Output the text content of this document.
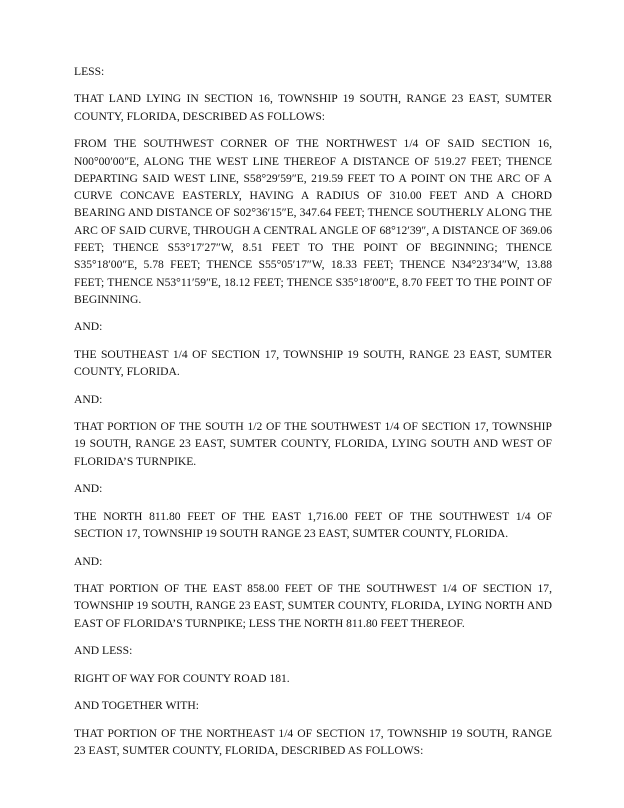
LESS:

THAT LAND LYING IN SECTION 16, TOWNSHIP 19 SOUTH, RANGE 23 EAST, SUMTER COUNTY, FLORIDA, DESCRIBED AS FOLLOWS:

FROM THE SOUTHWEST CORNER OF THE NORTHWEST 1/4 OF SAID SECTION 16, N00°00′00″E, ALONG THE WEST LINE THEREOF A DISTANCE OF 519.27 FEET; THENCE DEPARTING SAID WEST LINE, S58°29′59″E, 219.59 FEET TO A POINT ON THE ARC OF A CURVE CONCAVE EASTERLY, HAVING A RADIUS OF 310.00 FEET AND A CHORD BEARING AND DISTANCE OF S02°36′15″E, 347.64 FEET; THENCE SOUTHERLY ALONG THE ARC OF SAID CURVE, THROUGH A CENTRAL ANGLE OF 68°12′39″, A DISTANCE OF 369.06 FEET; THENCE S53°17′27″W, 8.51 FEET TO THE POINT OF BEGINNING; THENCE S35°18′00″E, 5.78 FEET; THENCE S55°05′17″W, 18.33 FEET; THENCE N34°23′34″W, 13.88 FEET; THENCE N53°11′59″E, 18.12 FEET; THENCE S35°18′00″E, 8.70 FEET TO THE POINT OF BEGINNING.

AND:

THE SOUTHEAST 1/4 OF SECTION 17, TOWNSHIP 19 SOUTH, RANGE 23 EAST, SUMTER COUNTY, FLORIDA.

AND:

THAT PORTION OF THE SOUTH 1/2 OF THE SOUTHWEST 1/4 OF SECTION 17, TOWNSHIP 19 SOUTH, RANGE 23 EAST, SUMTER COUNTY, FLORIDA, LYING SOUTH AND WEST OF FLORIDA’S TURNPIKE.

AND:

THE NORTH 811.80 FEET OF THE EAST 1,716.00 FEET OF THE SOUTHWEST 1/4 OF SECTION 17, TOWNSHIP 19 SOUTH RANGE 23 EAST, SUMTER COUNTY, FLORIDA.

AND:

THAT PORTION OF THE EAST 858.00 FEET OF THE SOUTHWEST 1/4 OF SECTION 17, TOWNSHIP 19 SOUTH, RANGE 23 EAST, SUMTER COUNTY, FLORIDA, LYING NORTH AND EAST OF FLORIDA’S TURNPIKE; LESS THE NORTH 811.80 FEET THEREOF.

AND LESS:

RIGHT OF WAY FOR COUNTY ROAD 181.

AND TOGETHER WITH:

THAT PORTION OF THE NORTHEAST 1/4 OF SECTION 17, TOWNSHIP 19 SOUTH, RANGE 23 EAST, SUMTER COUNTY, FLORIDA, DESCRIBED AS FOLLOWS:
